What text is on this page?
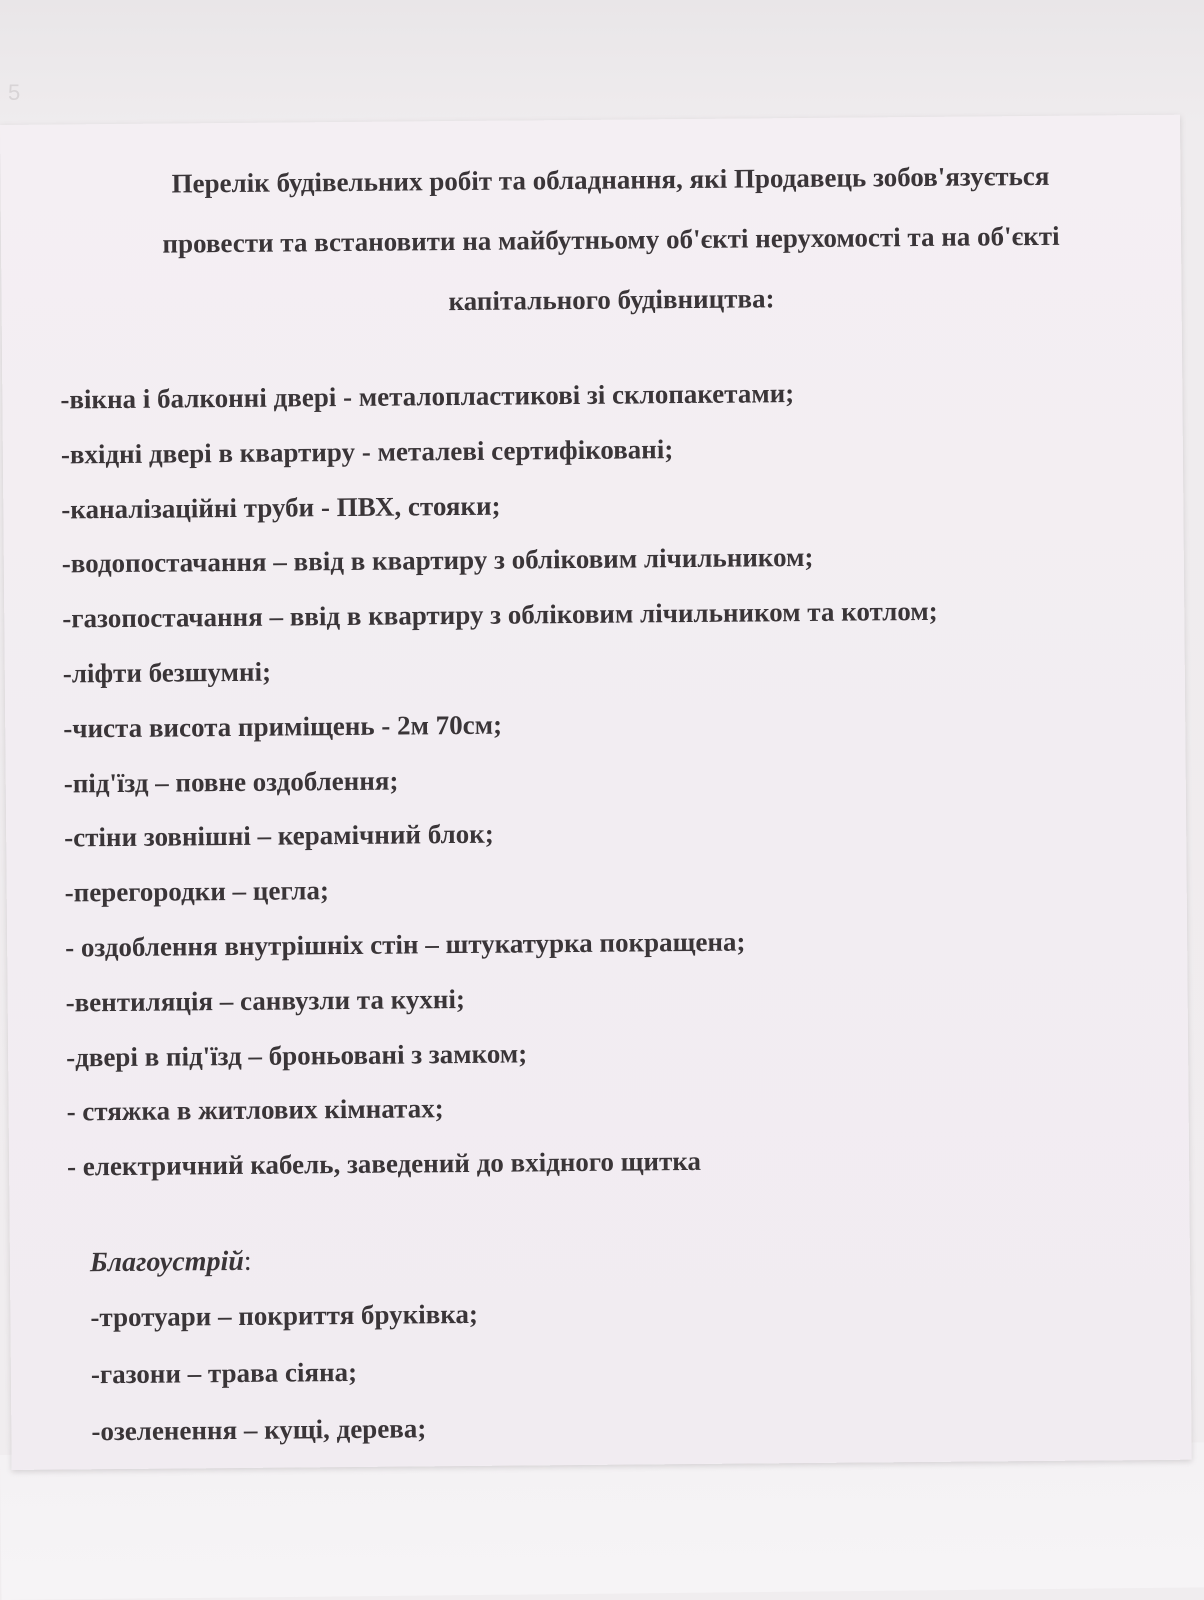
5
Перелік будівельних робіт та обладнання, які Продавець зобов'язується
провести та встановити на майбутньому об'єкті нерухомості та на об'єкті
капітального будівництва:
-вікна і балконні двері - металопластикові зі склопакетами;
-вхідні двері в квартиру - металеві сертифіковані;
-каналізаційні труби - ПВХ, стояки;
-водопостачання – ввід в квартиру з обліковим лічильником;
-газопостачання – ввід в квартиру з обліковим лічильником та котлом;
-ліфти безшумні;
-чиста висота приміщень - 2м 70см;
-під'їзд – повне оздоблення;
-стіни зовнішні – керамічний блок;
-перегородки – цегла;
- оздоблення внутрішніх стін – штукатурка покращена;
-вентиляція – санвузли та кухні;
-двері в під'їзд – броньовані з замком;
- стяжка в житлових кімнатах;
- електричний кабель, заведений до вхідного щитка
Благоустрій:
-тротуари – покриття бруківка;
-газони – трава сіяна;
-озеленення – кущі, дерева;
